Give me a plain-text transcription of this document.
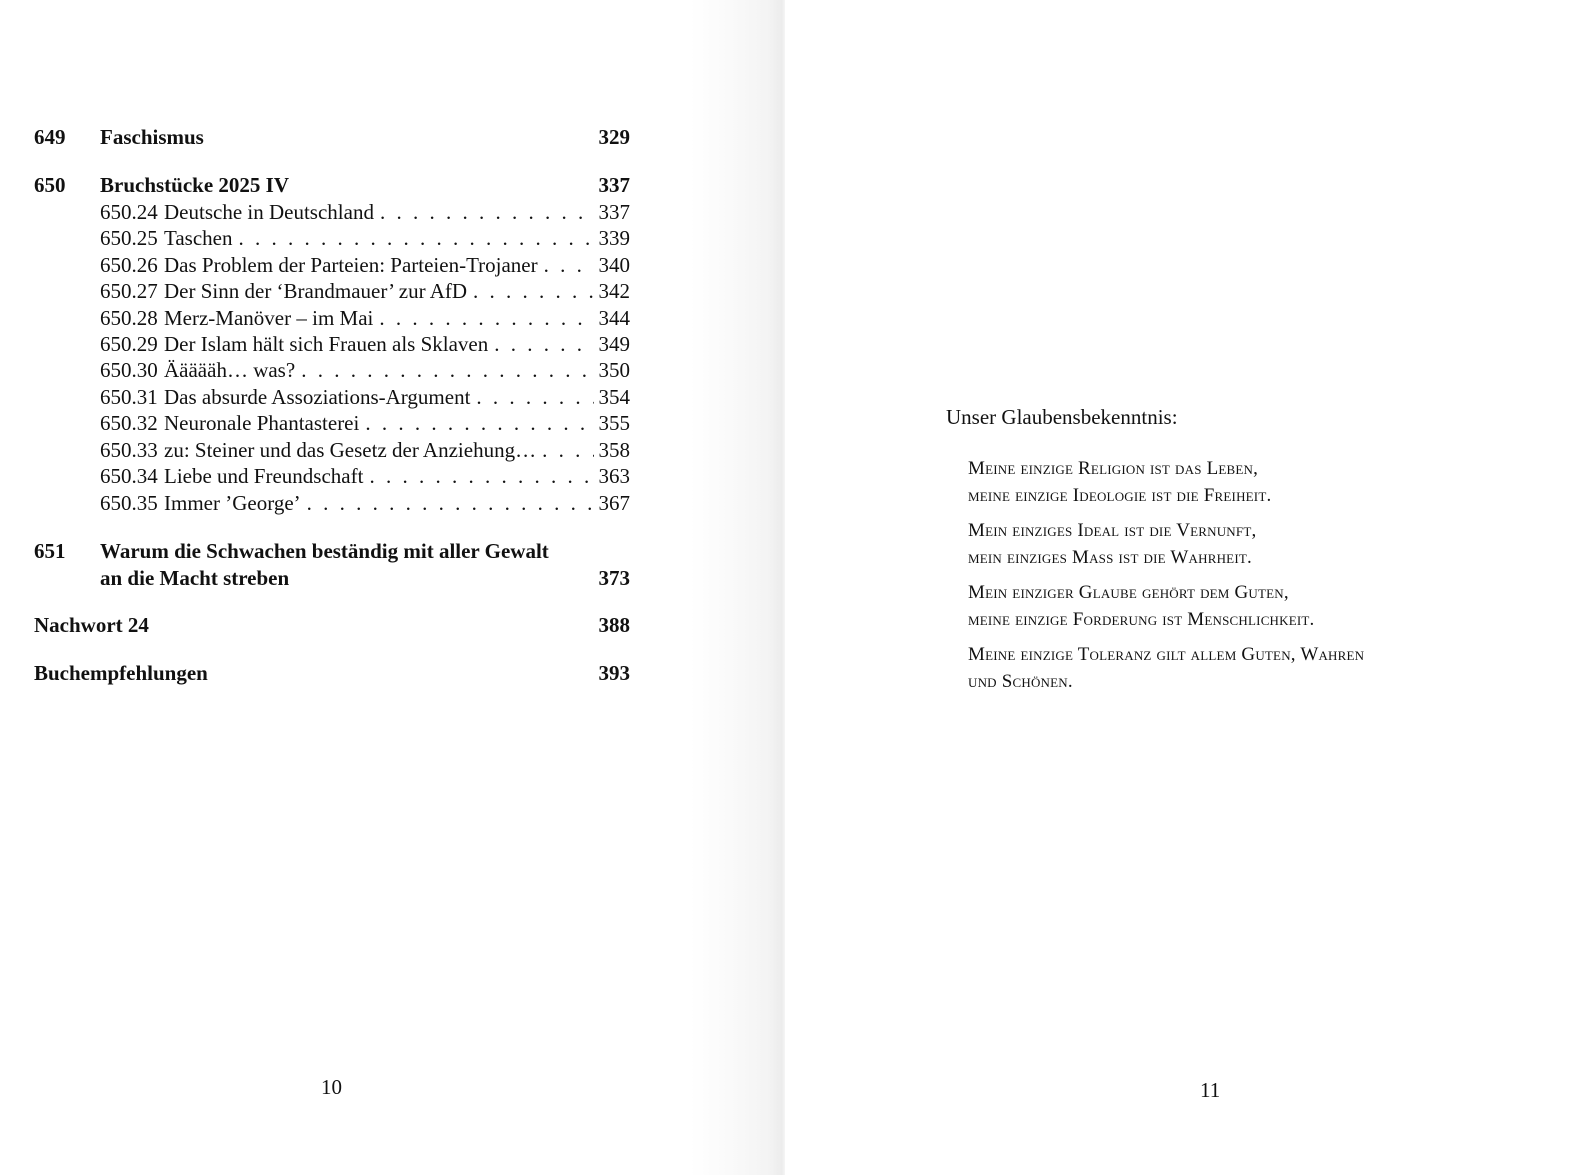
649 Faschismus	329
650 Bruchstücke 2025 IV	337
650.24 Deutsche in Deutschland . . .	337
650.25 Taschen . . .	339
650.26 Das Problem der Parteien: Parteien-Trojaner . . .	340
650.27 Der Sinn der ‘Brandmauer’ zur AfD . . .	342
650.28 Merz-Manöver – im Mai . . .	344
650.29 Der Islam hält sich Frauen als Sklaven . . .	349
650.30 Äääääh… was? . . .	350
650.31 Das absurde Assoziations-Argument . . .	354
650.32 Neuronale Phantasterei . . .	355
650.33 zu: Steiner und das Gesetz der Anziehung… . . .	358
650.34 Liebe und Freundschaft . . .	363
650.35 Immer ’George’ . . .	367
651 Warum die Schwachen beständig mit aller Gewalt
an die Macht streben	373
Nachwort 24	388
Buchempfehlungen	393
10
Unser Glaubensbekenntnis:
Meine einzige Religion ist das Leben,
meine einzige Ideologie ist die Freiheit.
Mein einziges Ideal ist die Vernunft,
mein einziges Mass ist die Wahrheit.
Mein einziger Glaube gehört dem Guten,
meine einzige Forderung ist Menschlichkeit.
Meine einzige Toleranz gilt allem Guten, Wahren
und Schönen.
11
